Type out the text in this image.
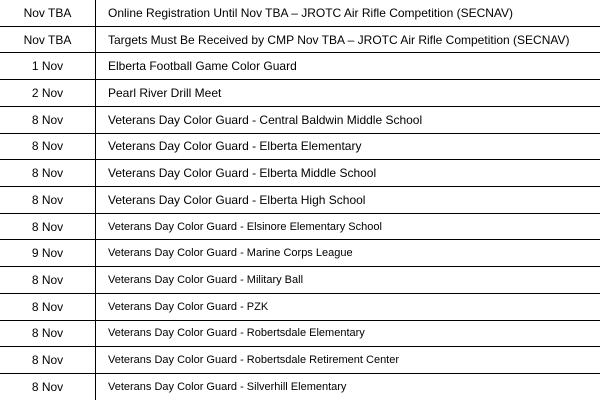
Nov TBA	Online Registration Until Nov TBA – JROTC Air Rifle Competition (SECNAV)
Nov TBA	Targets Must Be Received by CMP Nov TBA – JROTC Air Rifle Competition (SECNAV)
1 Nov	Elberta Football Game Color Guard
2 Nov	Pearl River Drill Meet
8 Nov	Veterans Day Color Guard - Central Baldwin Middle School
8 Nov	Veterans Day Color Guard - Elberta Elementary
8 Nov	Veterans Day Color Guard - Elberta Middle School
8 Nov	Veterans Day Color Guard - Elberta High School
8 Nov	Veterans Day Color Guard - Elsinore Elementary School
9 Nov	Veterans Day Color Guard - Marine Corps League
8 Nov	Veterans Day Color Guard - Military Ball
8 Nov	Veterans Day Color Guard - PZK
8 Nov	Veterans Day Color Guard - Robertsdale Elementary
8 Nov	Veterans Day Color Guard - Robertsdale Retirement Center
8 Nov	Veterans Day Color Guard - Silverhill Elementary
